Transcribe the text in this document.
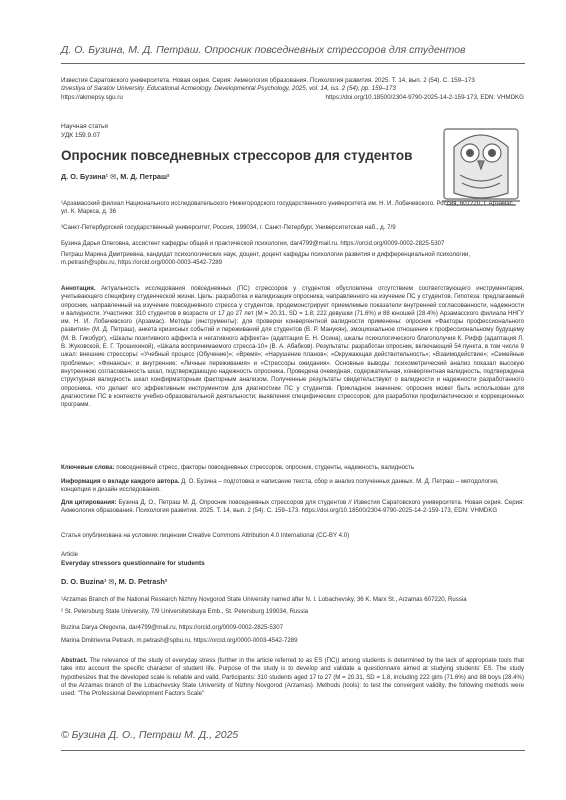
Д. О. Бузина, М. Д. Петраш. Опросник повседневных стрессоров для студентов
Известия Саратовского университета. Новая серия. Серия: Акмеология образования. Психология развития. 2025. Т. 14, вып. 2 (54). С. 159–173
Izvestiya of Saratov University. Educational Acmeology. Developmental Psychology, 2025, vol. 14, iss. 2 (54), pp. 159–173
https://akmepsy.sgu.ru	https://doi.org/10.18500/2304-9790-2025-14-2-159-173, EDN: VHMDKG
Научная статья
УДК 159.9.07
Опросник повседневных стрессоров для студентов
Д. О. Бузина¹ ✉, М. Д. Петраш²
¹Арзамасский филиал Национального исследовательского Нижегородского государственного университета им. Н. И. Лобачевского, Россия, 607220, г. Арзамас, ул. К. Маркса, д. 36
²Санкт-Петербургский государственный университет, Россия, 199034, г. Санкт-Петербург, Университетская наб., д. 7/9
Бузина Дарья Олеговна, ассистент кафедры общей и практической психологии, dar4799@mail.ru, https://orcid.org/0009-0002-2825-5307
Петраш Марина Дмитриевна, кандидат психологических наук, доцент, доцент кафедры психологии развития и дифференциальной психологии, m.petrash@spbu.ru, https://orcid.org/0000-0003-4542-7289

Аннотация. Актуальность исследования повседневных (ПС) стрессоров у студентов обусловлена отсутствием соответствующего инструментария, учитывающего специфику студенческой жизни. Цель: разработка и валидизация опросника, направленного на изучение ПС у студентов. Гипотеза: предлагаемый опросник, направленный на изучение повседневного стресса у студентов, продемонстрирует приемлемые показатели внутренней согласованности, надежности и валидности. Участники: 310 студентов в возрасте от 17 до 27 лет (M = 20.31, SD = 1.8; 222 девушки (71.6%) и 88 юношей (28.4%) Арзамасского филиала ННГУ им. Н. И. Лобачевского (Арзамас). Методы (инструменты): для проверки конвергентной валидности применены: опросник «Факторы профессионального развития» (М. Д. Петраш), анкета кризисных событий и переживаний для студентов (В. Р. Манукян), эмоциональное отношение к профессиональному будущему (М. В. Гикобург), «Шкалы позитивного аффекта и негативного аффекта» (адаптация Е. Н. Осина), шкалы психологического благополучия К. Рифф (адаптация Л. В. Жуковской, Е. Г. Трошихиной), «Шкала воспринимаемого стресса-10» (В. А. Абабков). Результаты: разработан опросник, включающий 54 пункта, в том числе 9 шкал: внешние стрессоры: «Учебный процесс (Обучение)»; «Время»; «Нарушение планов»; «Окружающая действительность»; «Взаимодействие»; «Семейные проблемы»; «Финансы»; и внутренние: «Личные переживания» и «Стрессоры ожидания». Основные выводы: психометрический анализ показал высокую внутреннюю согласованность шкал, подтверждающую надежность опросника. Проведена очевидная, содержательная, конвергентная валидность, подтверждена структурная валидность шкал конфирматорным факторным анализом. Полученные результаты свидетельствуют о валидности и надежности разработанного опросника, что делает его эффективным инструментом для диагностики ПС у студентов. Прикладное значение: опросник может быть использован для диагностики ПС в контексте учебно-образовательной деятельности; выявления специфических стрессоров; для разработки профилактических и коррекционных программ.

Ключевые слова: повседневный стресс, факторы повседневных стрессоров, опросник, студенты, надежность, валидность
Информация о вкладе каждого автора. Д. О. Бузина – подготовка и написание текста, сбор и анализ полученных данных. М. Д. Петраш – методология, концепция и дизайн исследования.
Для цитирования: Бузина Д. О., Петраш М. Д. Опросник повседневных стрессоров для студентов // Известия Саратовского университета. Новая серия. Серия: Акмеология образования. Психология развития. 2025. Т. 14, вып. 2 (54). С. 159–173. https://doi.org/10.18500/2304-9790-2025-14-2-159-173, EDN: VHMDKG
Статья опубликована на условиях лицензии Creative Commons Attribution 4.0 International (CC-BY 4.0)
Article
Everyday stressors questionnaire for students
D. O. Buzina¹ ✉, M. D. Petrash²
¹Arzamas Branch of the National Research Nizhny Novgorod State University named after N. I. Lobachevsky, 36 K. Marx St., Arzamas 607220, Russia
² St. Petersburg State University, 7/9 Universitetskaya Emb., St. Petersburg 199034, Russia
Buzina Darya Olegovna, dar4799@mail.ru, https://orcid.org/0009-0002-2825-5307
Marina Dmitrievna Petrash, m.petrash@spbu.ru, https://orcid.org/0000-0003-4542-7289

Abstract. The relevance of the study of everyday stress (further in the article referred to as ES (ПС)) among students is determined by the lack of appropriate tools that take into account the specific character of student life. Purpose of the study is to develop and validate a questionnaire aimed at studying students' ES. The study hypothesizes that the developed scale is reliable and valid. Participants: 310 students aged 17 to 27 (M = 20.31, SD = 1.8, including 222 girls (71.6%) and 88 boys (28.4%) of the Arzamas branch of the Lobachevsky State University of Nizhny Novgorod (Arzamas). Methods (tools): to test the convergent validity, the following methods were used: "The Professional Development Factors Scale"

© Бузина Д. О., Петраш М. Д., 2025
